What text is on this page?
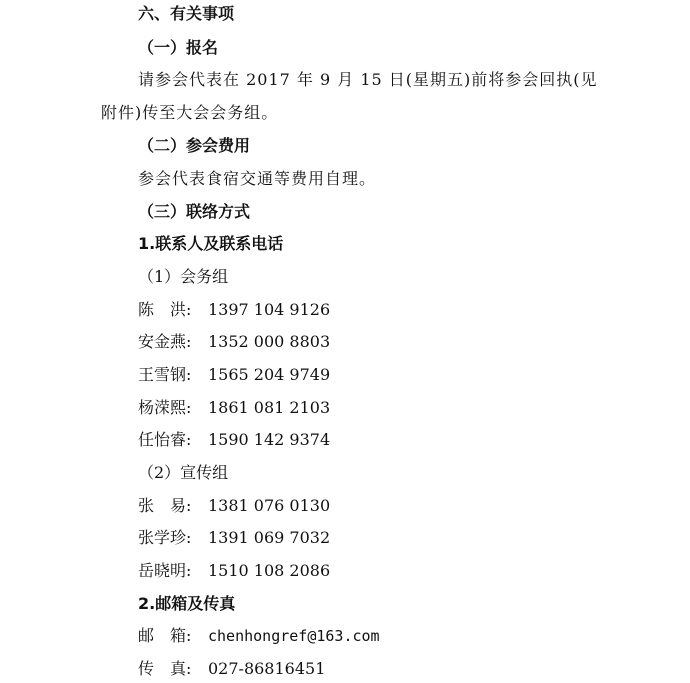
六、有关事项
（一）报名
请参会代表在 2017 年 9 月 15 日(星期五)前将参会回执(见
附件)传至大会会务组。
（二）参会费用
参会代表食宿交通等费用自理。
（三）联络方式
1.联系人及联系电话
（1）会务组
陈　洪: 1397 104 9126
安金燕: 1352 000 8803
王雪钢: 1565 204 9749
杨溁熙: 1861 081 2103
任怡睿: 1590 142 9374
（2）宣传组
张　易: 1381 076 0130
张学珍: 1391 069 7032
岳晓明: 1510 108 2086
2.邮箱及传真
邮　箱: chenhongref@163.com
传　真: 027-86816451
